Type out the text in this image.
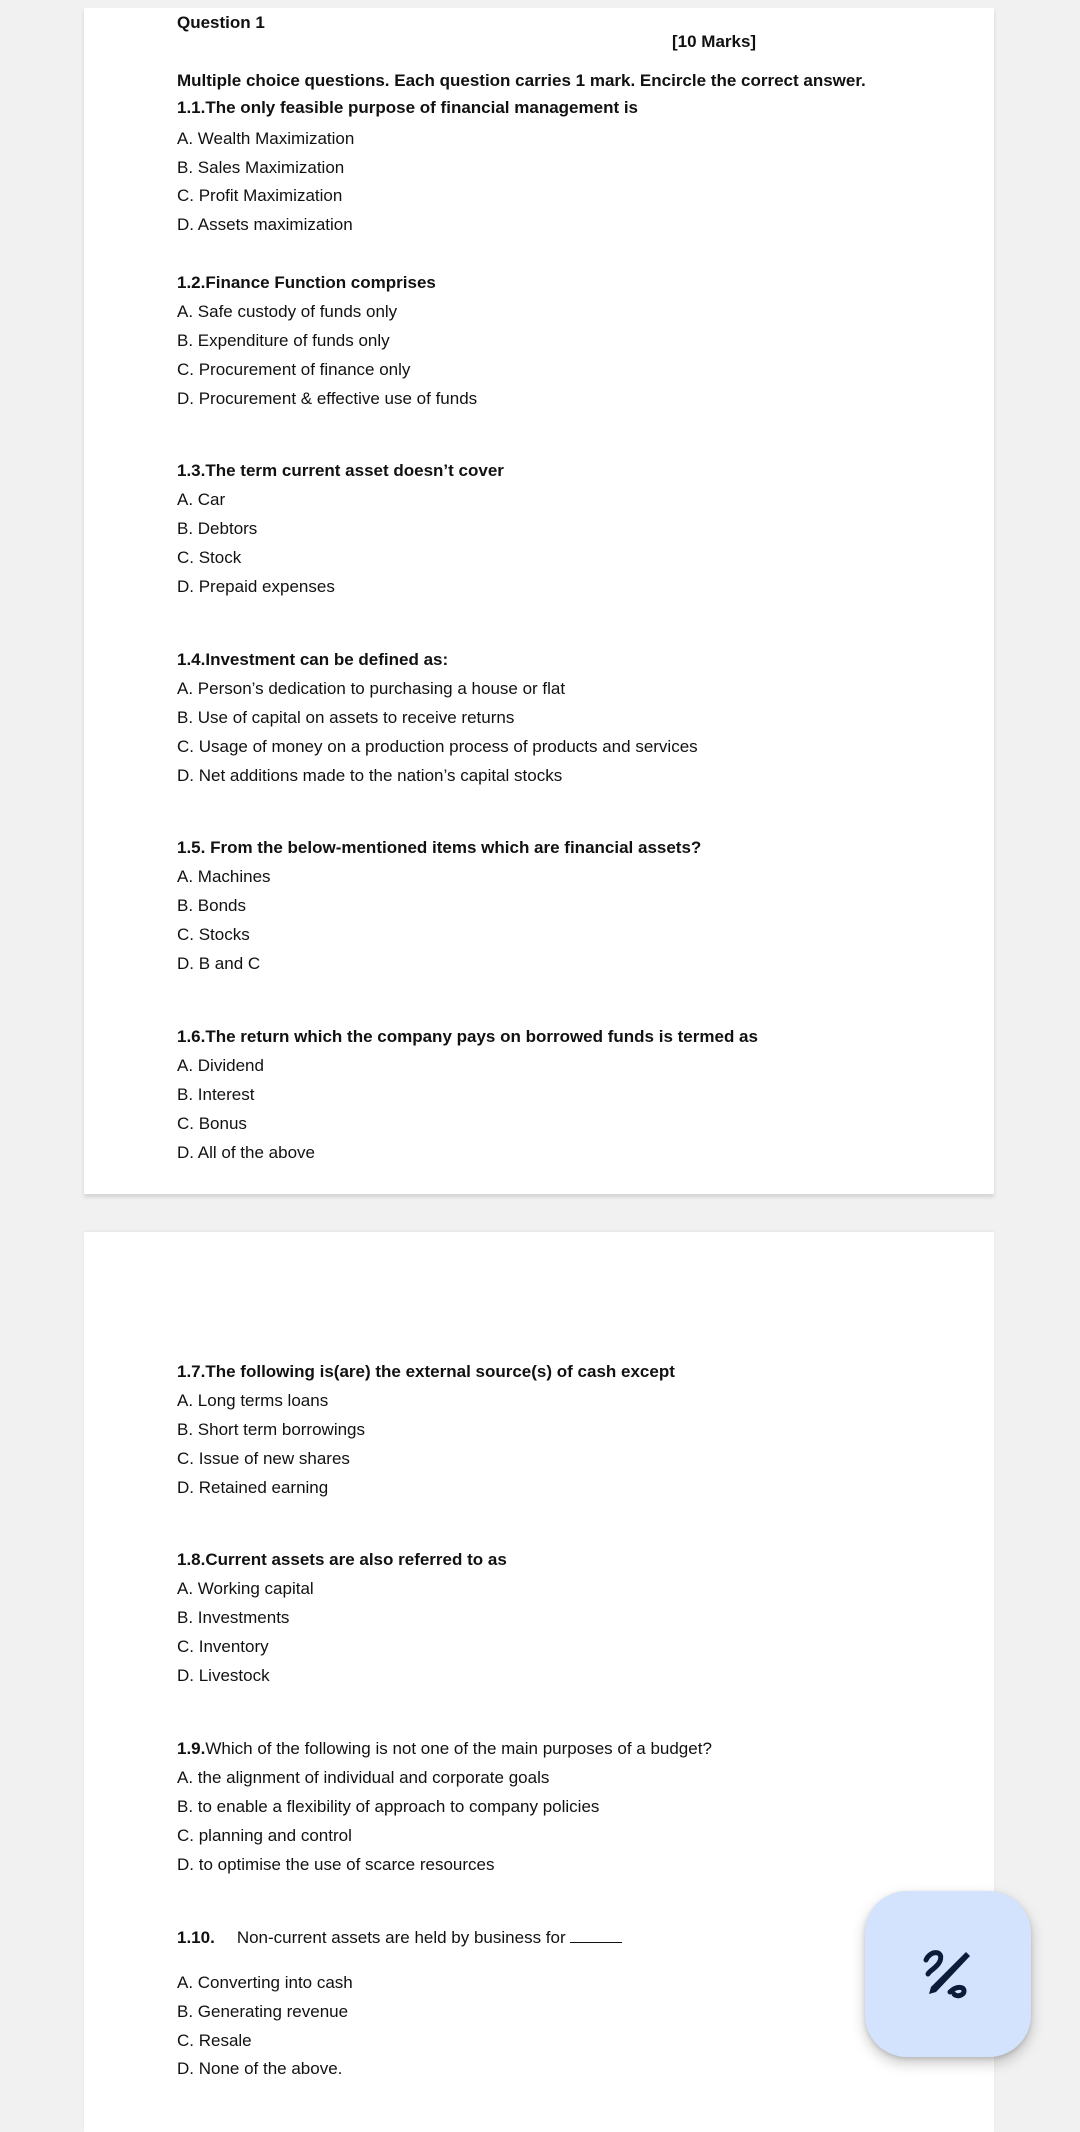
Question 1
[10 Marks]
Multiple choice questions. Each question carries 1 mark. Encircle the correct answer.
1.1.The only feasible purpose of financial management is
A. Wealth Maximization
B. Sales Maximization
C. Profit Maximization
D. Assets maximization
1.2.Finance Function comprises
A. Safe custody of funds only
B. Expenditure of funds only
C. Procurement of finance only
D. Procurement & effective use of funds
1.3.The term current asset doesn’t cover
A. Car
B. Debtors
C. Stock
D. Prepaid expenses
1.4.Investment can be defined as:
A. Person’s dedication to purchasing a house or flat
B. Use of capital on assets to receive returns
C. Usage of money on a production process of products and services
D. Net additions made to the nation’s capital stocks
1.5. From the below-mentioned items which are financial assets?
A. Machines
B. Bonds
C. Stocks
D. B and C
1.6.The return which the company pays on borrowed funds is termed as
A. Dividend
B. Interest
C. Bonus
D. All of the above
1.7.The following is(are) the external source(s) of cash except
A. Long terms loans
B. Short term borrowings
C. Issue of new shares
D. Retained earning
1.8.Current assets are also referred to as
A. Working capital
B. Investments
C. Inventory
D. Livestock
1.9.Which of the following is not one of the main purposes of a budget?
A. the alignment of individual and corporate goals
B. to enable a flexibility of approach to company policies
C. planning and control
D. to optimise the use of scarce resources
1.10. Non-current assets are held by business for
A. Converting into cash
B. Generating revenue
C. Resale
D. None of the above.
